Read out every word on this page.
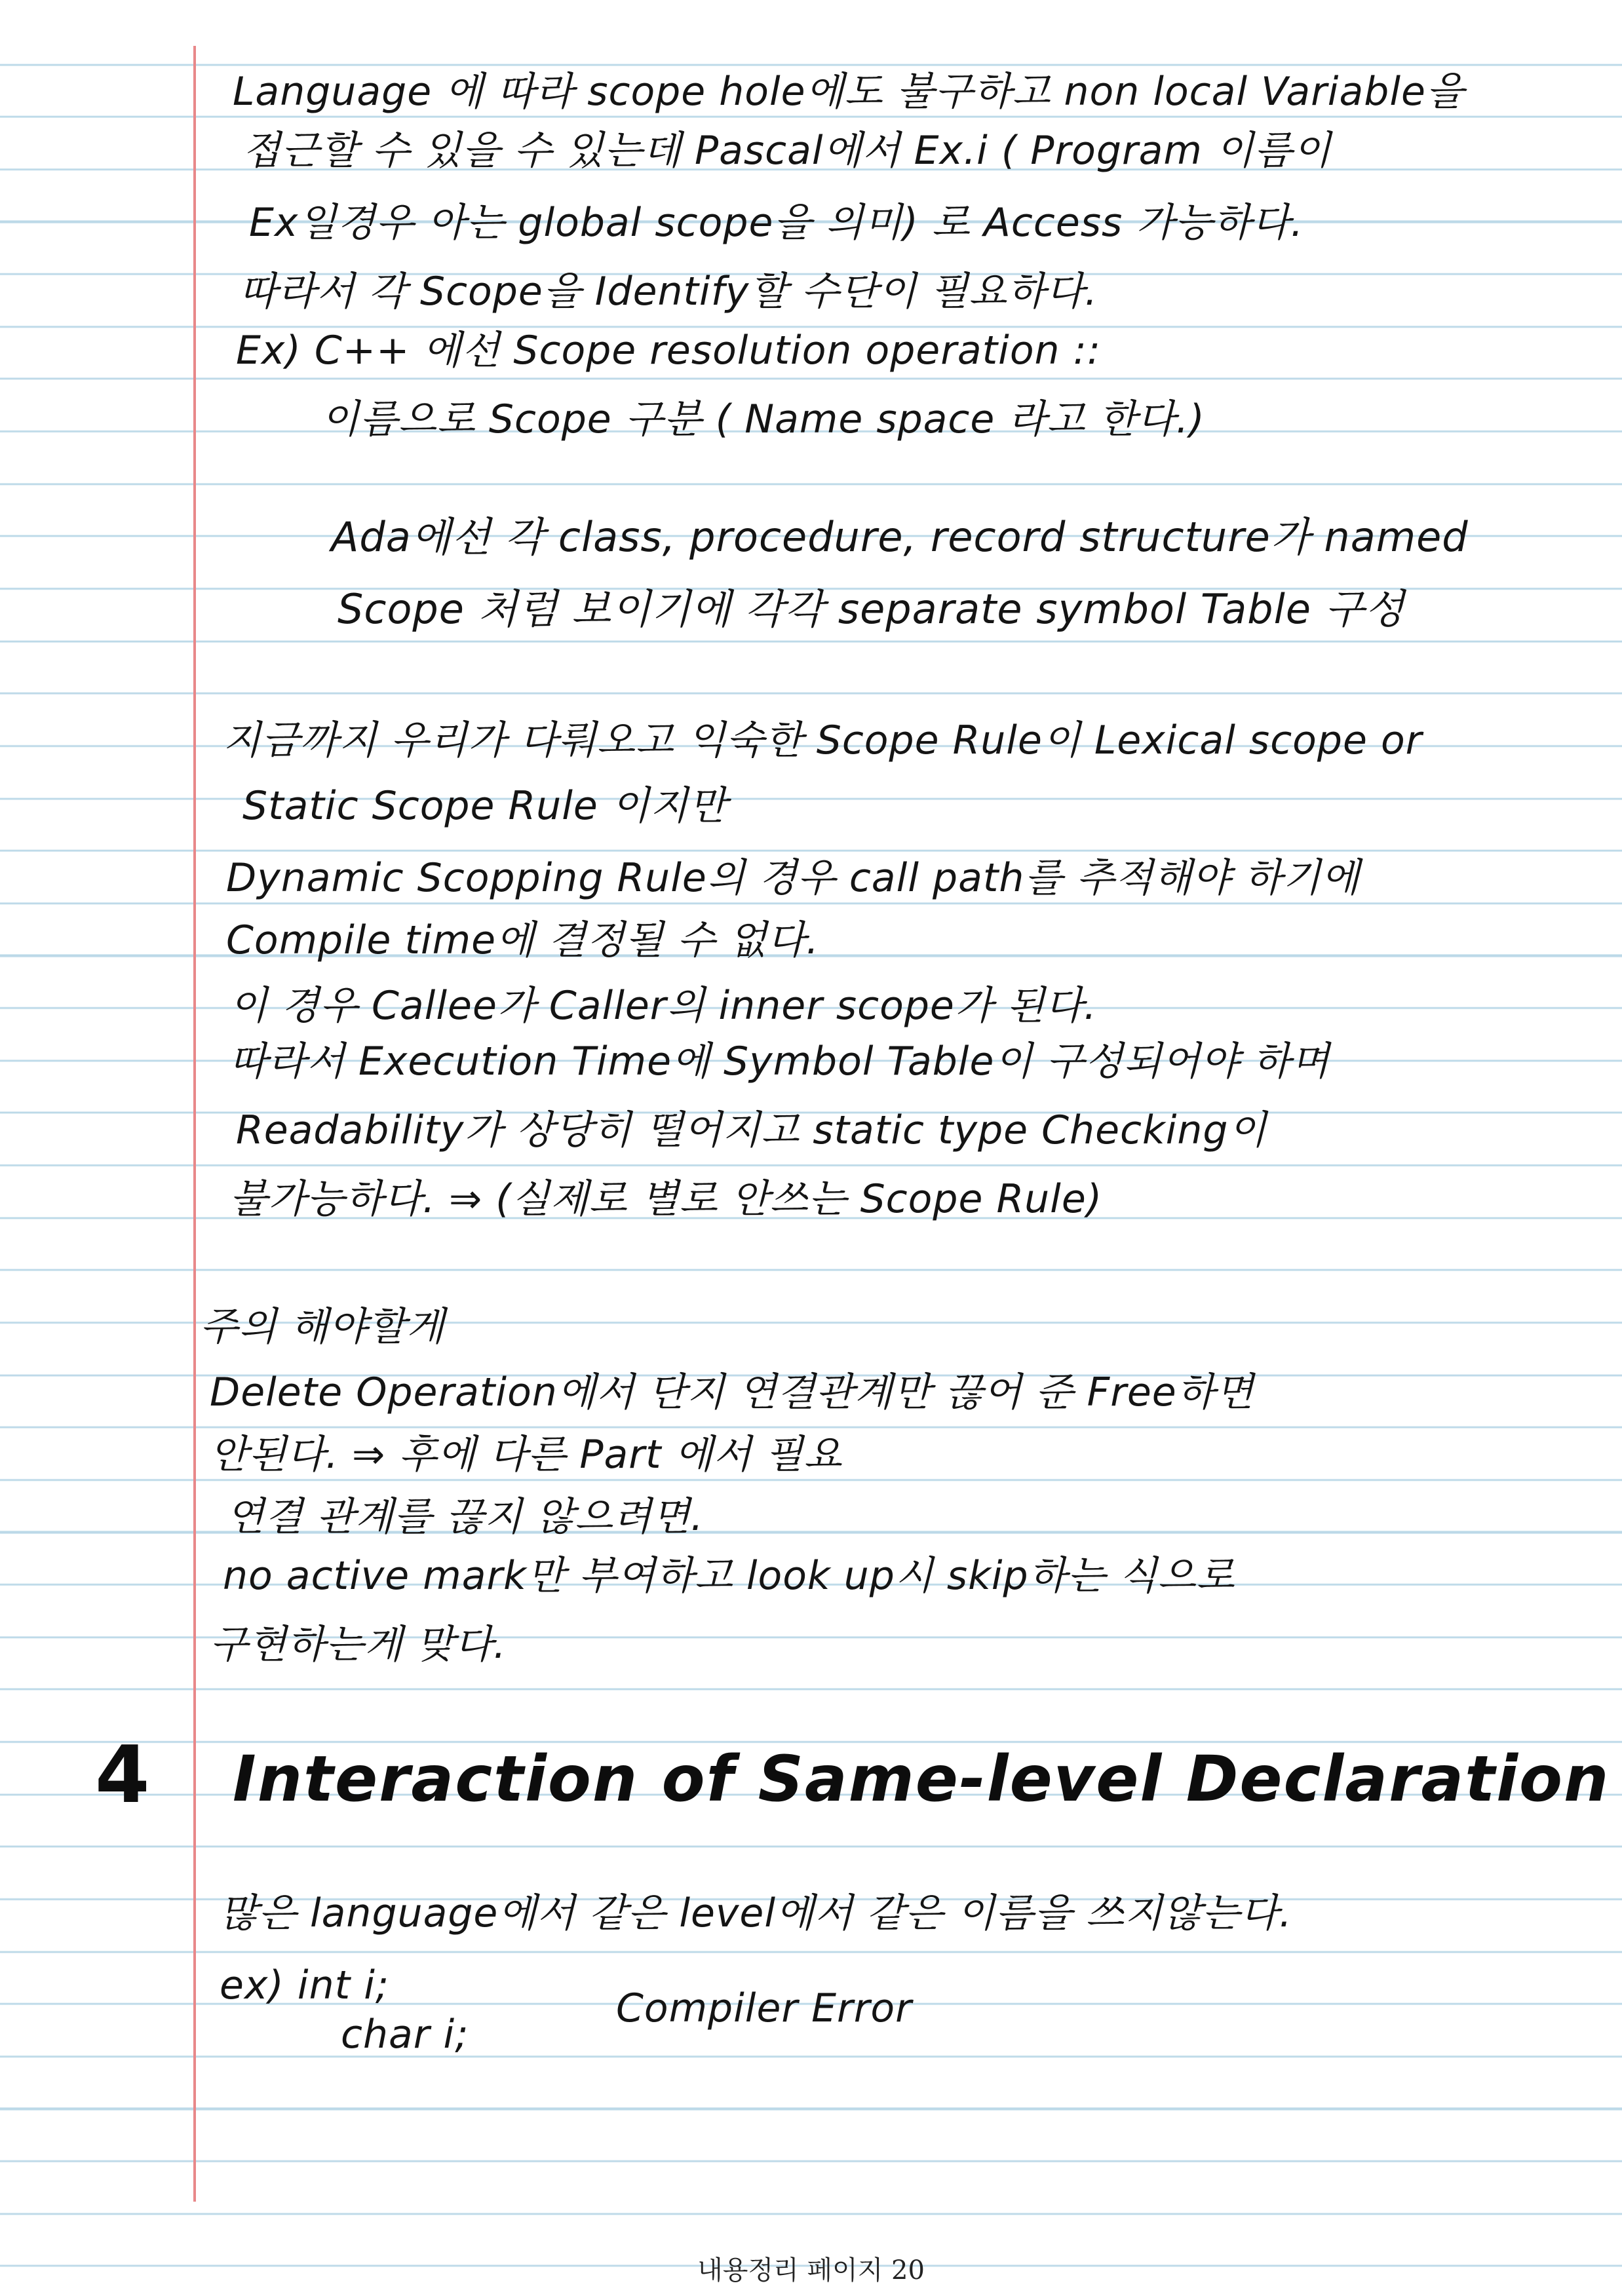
Language 에 따라 scope hole에도 불구하고 non local Variable을

접근할 수 있을 수 있는데 Pascal에서 Ex.i ( Program 이름이

Ex일경우 아는 global scope을 의미) 로 Access 가능하다.

따라서 각 Scope을 Identify할 수단이 필요하다.

Ex) C++ 에선 Scope resolution operation ::

이름으로 Scope 구분 ( Name space 라고 한다.)

Ada에선 각 class, procedure, record structure가 named

Scope 처럼 보이기에 각각 separate symbol Table 구성

지금까지 우리가 다뤄오고 익숙한 Scope Rule이 Lexical scope or

Static Scope Rule 이지만

Dynamic Scopping Rule의 경우 call path를 추적해야 하기에

Compile time에 결정될 수 없다.

이 경우 Callee가 Caller의 inner scope가 된다.

따라서 Execution Time에 Symbol Table이 구성되어야 하며

Readability가 상당히 떨어지고 static type Checking이

불가능하다. ⇒ (실제로 별로 안쓰는 Scope Rule)

주의 해야할게

Delete Operation에서 단지 연결관계만 끊어 준 Free하면

안된다. ⇒ 후에 다른 Part 에서 필요

연결 관계를 끊지 않으려면.

no active mark만 부여하고 look up시 skip하는 식으로

구현하는게 맞다.

4 Interaction of Same-level Declaration

많은 language에서 같은 level에서 같은 이름을 쓰지않는다.

ex) int i;

char i;

Compiler Error

내용정리 페이지 20
